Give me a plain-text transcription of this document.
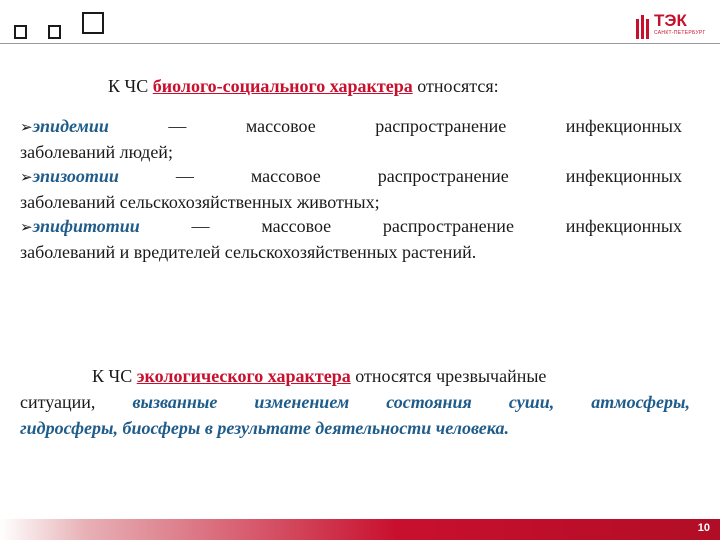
ТЭК
САНКТ-ПЕТЕРБУРГ
К ЧС биолого-социального характера относятся:
➢эпидемии — массовое распространение инфекционных
заболеваний людей;
➢эпизоотии — массовое распространение инфекционных
заболеваний сельскохозяйственных животных;
➢эпифитотии — массовое распространение инфекционных
заболеваний и вредителей сельскохозяйственных растений.
К ЧС экологического характера относятся чрезвычайные
ситуации, вызванные изменением состояния суши, атмосферы,
гидросферы, биосферы в результате деятельности человека.
10
